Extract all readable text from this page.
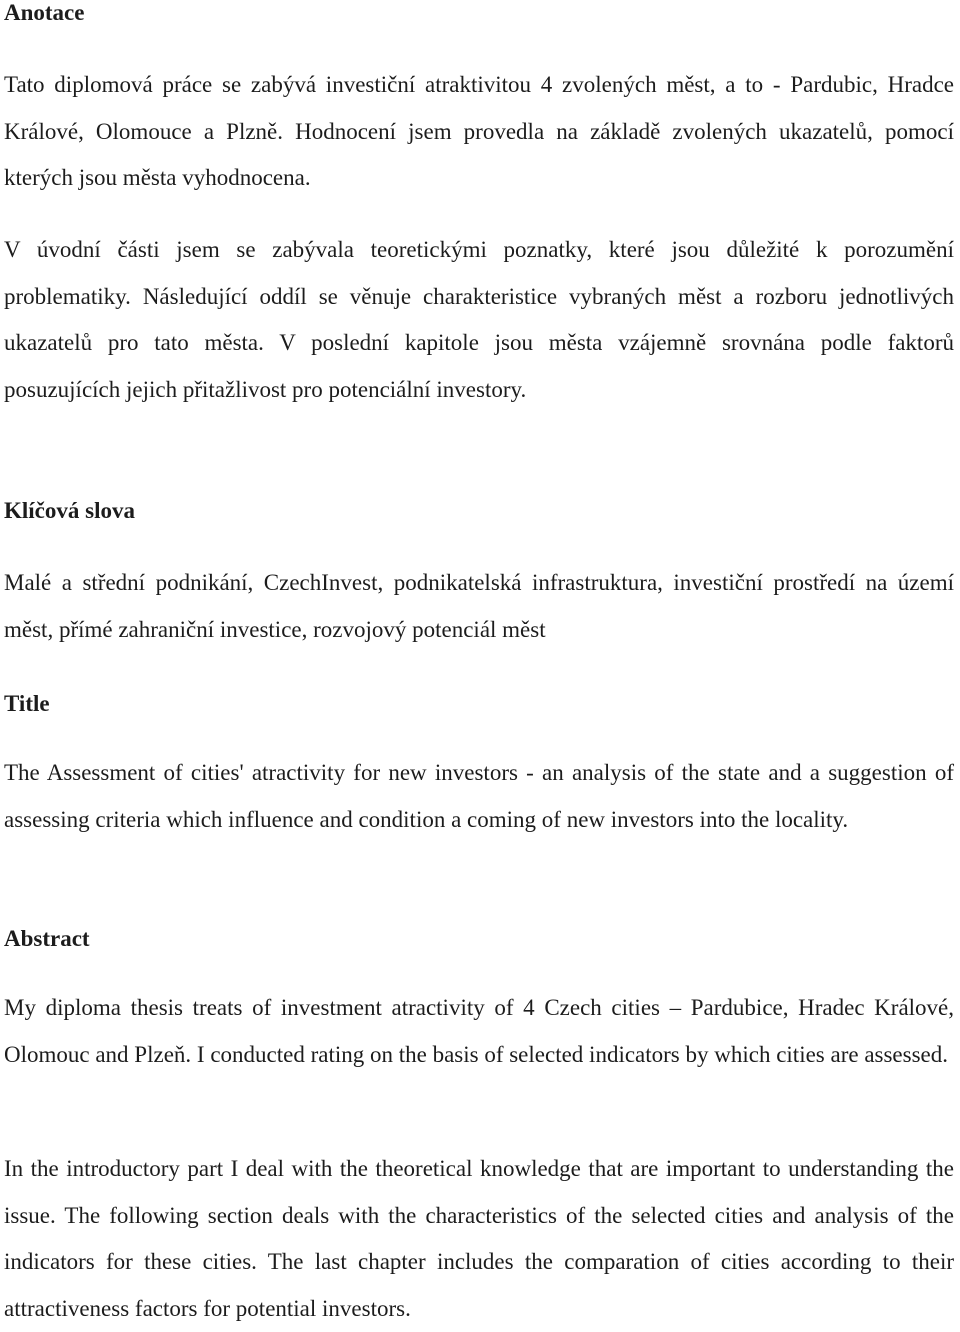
Anotace

Tato diplomová práce se zabývá investiční atraktivitou 4 zvolených měst, a to - Pardubic, Hradce Králové, Olomouce a Plzně. Hodnocení jsem provedla na základě zvolených ukazatelů, pomocí kterých jsou města vyhodnocena.

V úvodní části jsem se zabývala teoretickými poznatky, které jsou důležité k porozumění problematiky. Následující oddíl se věnuje charakteristice vybraných měst a rozboru jednotlivých ukazatelů pro tato města. V poslední kapitole jsou města vzájemně srovnána podle faktorů posuzujících jejich přitažlivost pro potenciální investory.

Klíčová slova

Malé a střední podnikání, CzechInvest, podnikatelská infrastruktura, investiční prostředí na území měst, přímé zahraniční investice, rozvojový potenciál měst

Title

The Assessment of cities' atractivity for new investors - an analysis of the state and a suggestion of assessing criteria which influence and condition a coming of new investors into the locality.

Abstract

My diploma thesis treats of investment atractivity of 4 Czech cities – Pardubice, Hradec Králové, Olomouc and Plzeň. I conducted rating on the basis of selected indicators by which cities are assessed.

In the introductory part I deal with the theoretical knowledge that are important to understanding the issue. The following section deals with the characteristics of the selected cities and analysis of the indicators for these cities. The last chapter includes the comparation of cities according to their attractiveness factors for potential investors.
